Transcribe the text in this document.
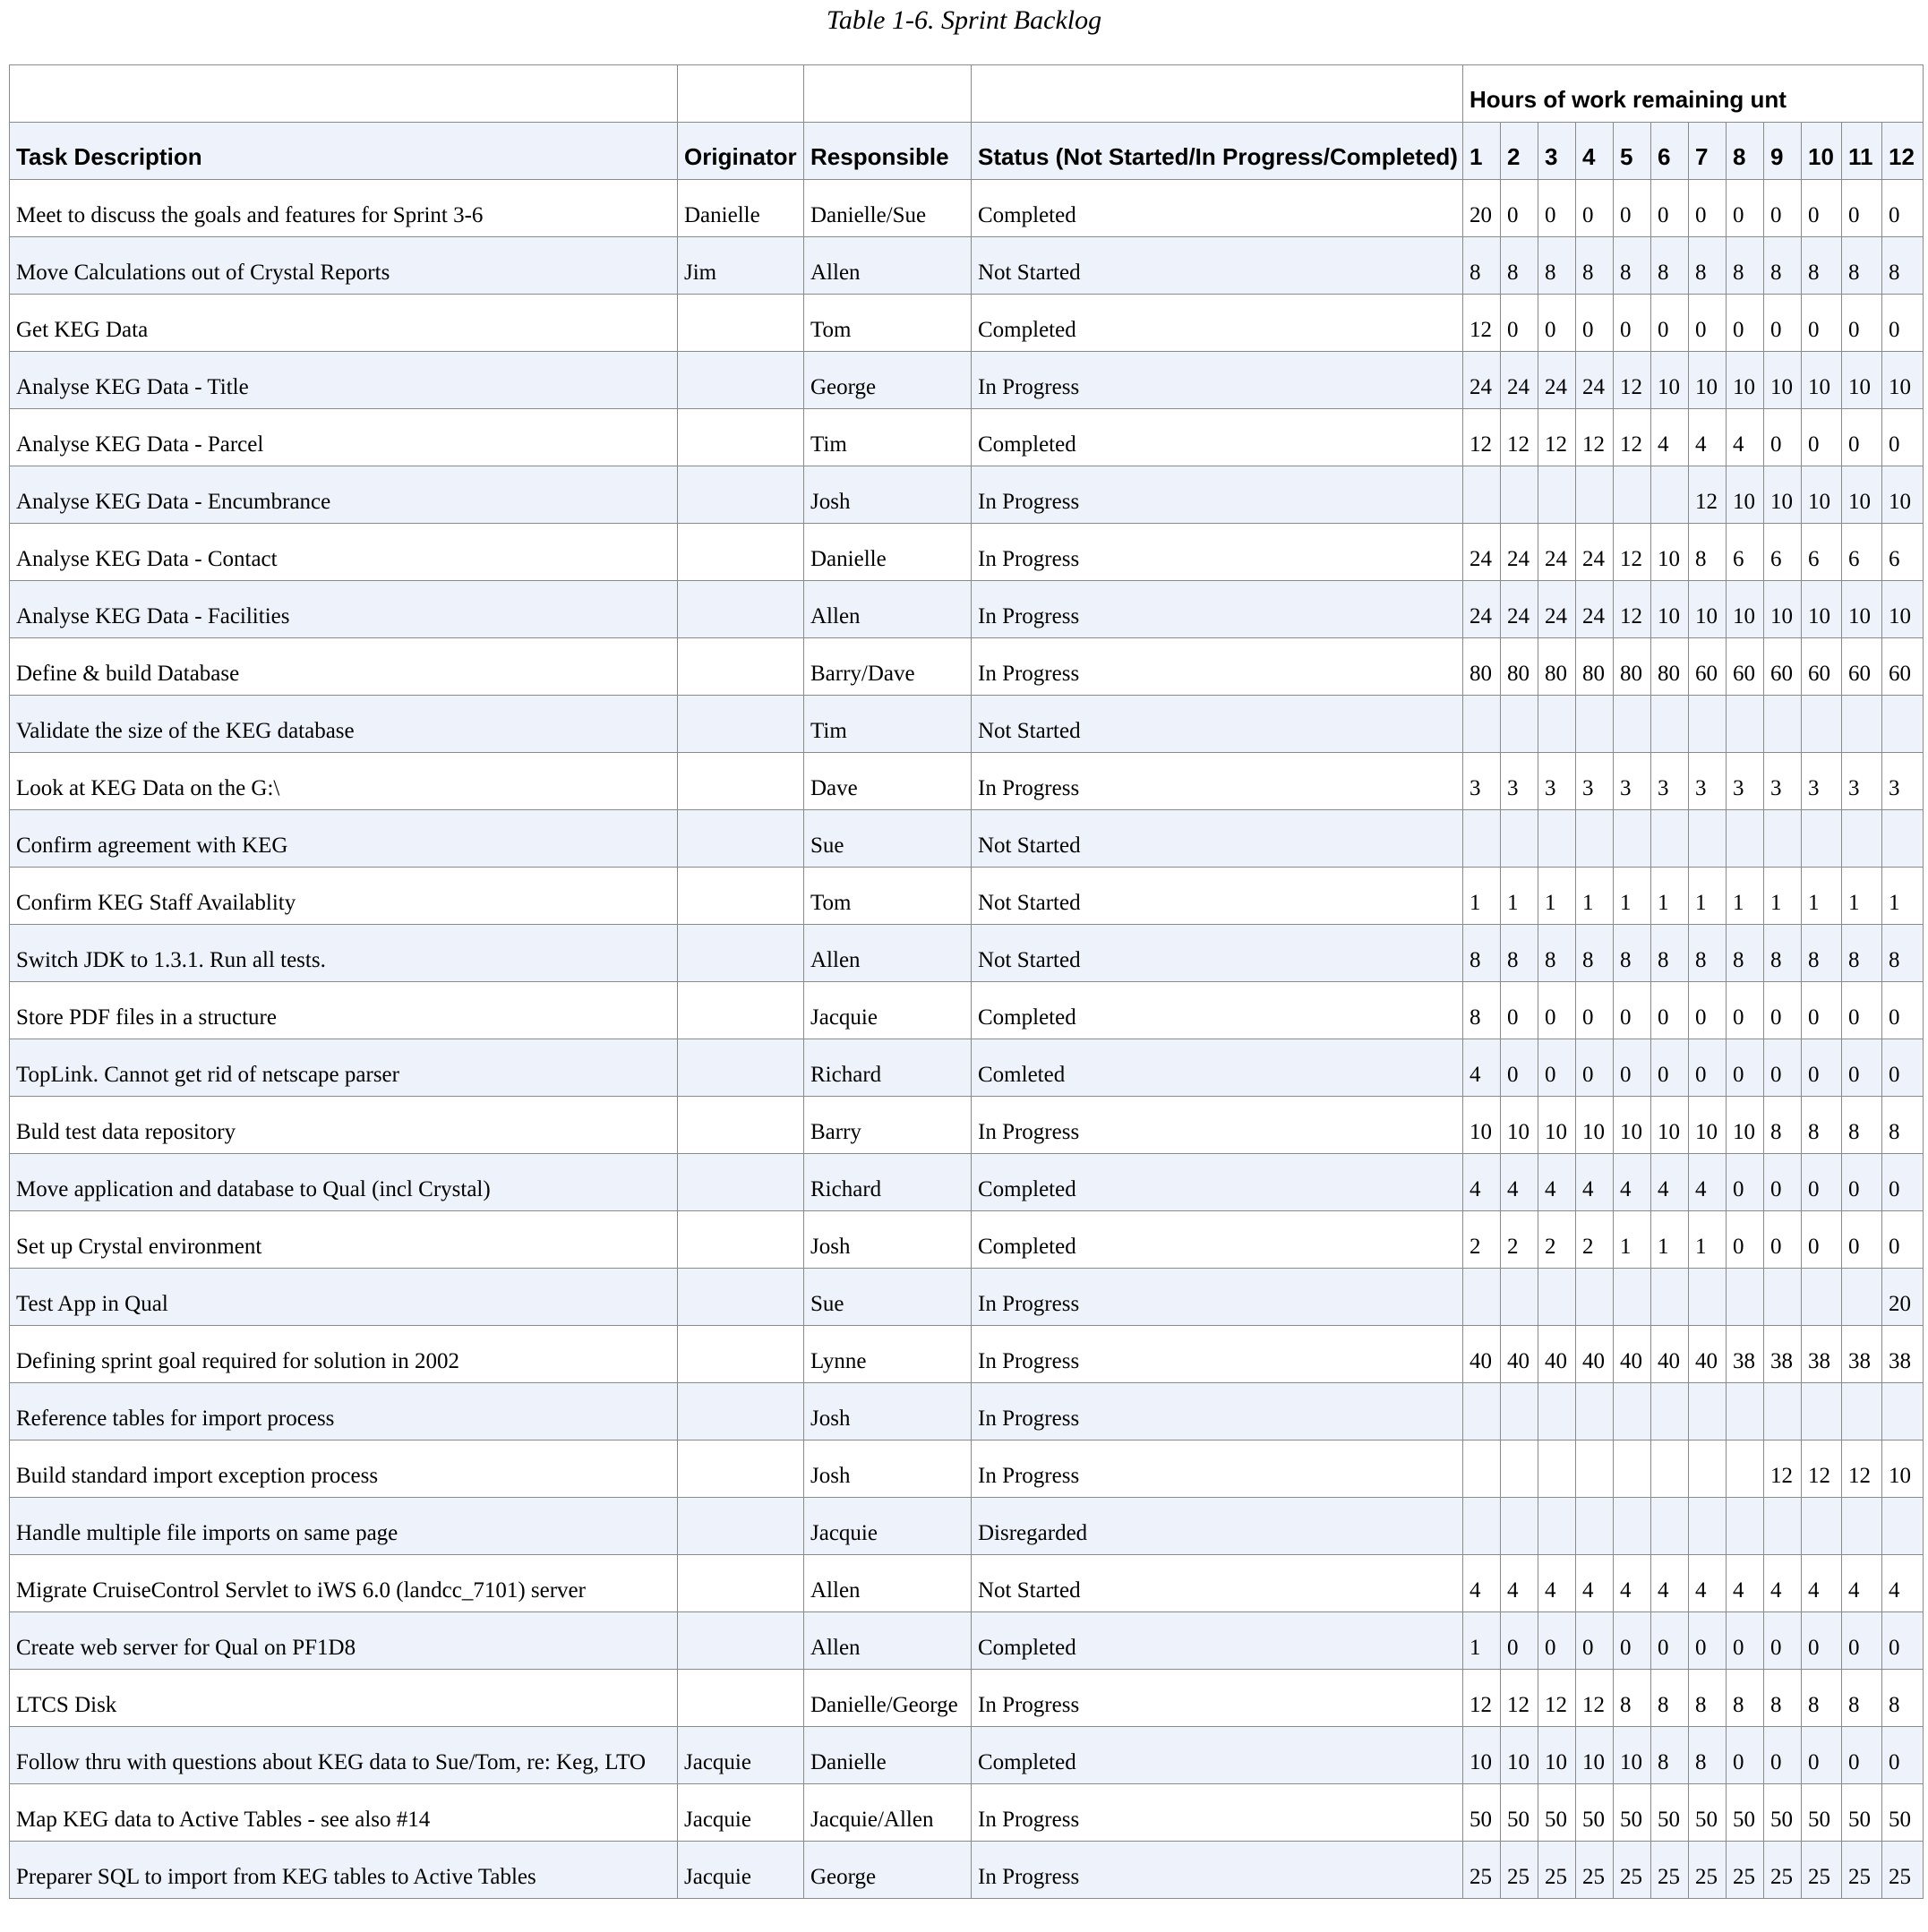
Table 1-6. Sprint Backlog
				Hours of work remaining unt											
Task Description	Originator	Responsible	Status (Not Started/In Progress/Completed)	1	2	3	4	5	6	7	8	9	10	11	12
Meet to discuss the goals and features for Sprint 3-6	Danielle	Danielle/Sue	Completed	20	0	0	0	0	0	0	0	0	0	0	0
Move Calculations out of Crystal Reports	Jim	Allen	Not Started	8	8	8	8	8	8	8	8	8	8	8	8
Get KEG Data		Tom	Completed	12	0	0	0	0	0	0	0	0	0	0	0
Analyse KEG Data - Title		George	In Progress	24	24	24	24	12	10	10	10	10	10	10	10
Analyse KEG Data - Parcel		Tim	Completed	12	12	12	12	12	4	4	4	0	0	0	0
Analyse KEG Data - Encumbrance		Josh	In Progress							12	10	10	10	10	10
Analyse KEG Data - Contact		Danielle	In Progress	24	24	24	24	12	10	8	6	6	6	6	6
Analyse KEG Data - Facilities		Allen	In Progress	24	24	24	24	12	10	10	10	10	10	10	10
Define & build Database		Barry/Dave	In Progress	80	80	80	80	80	80	60	60	60	60	60	60
Validate the size of the KEG database		Tim	Not Started												
Look at KEG Data on the G:\		Dave	In Progress	3	3	3	3	3	3	3	3	3	3	3	3
Confirm agreement with KEG		Sue	Not Started												
Confirm KEG Staff Availablity		Tom	Not Started	1	1	1	1	1	1	1	1	1	1	1	1
Switch JDK to 1.3.1. Run all tests.		Allen	Not Started	8	8	8	8	8	8	8	8	8	8	8	8
Store PDF files in a structure		Jacquie	Completed	8	0	0	0	0	0	0	0	0	0	0	0
TopLink. Cannot get rid of netscape parser		Richard	Comleted	4	0	0	0	0	0	0	0	0	0	0	0
Buld test data repository		Barry	In Progress	10	10	10	10	10	10	10	10	8	8	8	8
Move application and database to Qual (incl Crystal)		Richard	Completed	4	4	4	4	4	4	4	0	0	0	0	0
Set up Crystal environment		Josh	Completed	2	2	2	2	1	1	1	0	0	0	0	0
Test App in Qual		Sue	In Progress												20
Defining sprint goal required for solution in 2002		Lynne	In Progress	40	40	40	40	40	40	40	38	38	38	38	38
Reference tables for import process		Josh	In Progress												
Build standard import exception process		Josh	In Progress									12	12	12	10
Handle multiple file imports on same page		Jacquie	Disregarded												
Migrate CruiseControl Servlet to iWS 6.0 (landcc_7101) server		Allen	Not Started	4	4	4	4	4	4	4	4	4	4	4	4
Create web server for Qual on PF1D8		Allen	Completed	1	0	0	0	0	0	0	0	0	0	0	0
LTCS Disk		Danielle/George	In Progress	12	12	12	12	8	8	8	8	8	8	8	8
Follow thru with questions about KEG data to Sue/Tom, re: Keg, LTO	Jacquie	Danielle	Completed	10	10	10	10	10	8	8	0	0	0	0	0
Map KEG data to Active Tables - see also #14	Jacquie	Jacquie/Allen	In Progress	50	50	50	50	50	50	50	50	50	50	50	50
Preparer SQL to import from KEG tables to Active Tables	Jacquie	George	In Progress	25	25	25	25	25	25	25	25	25	25	25	25
